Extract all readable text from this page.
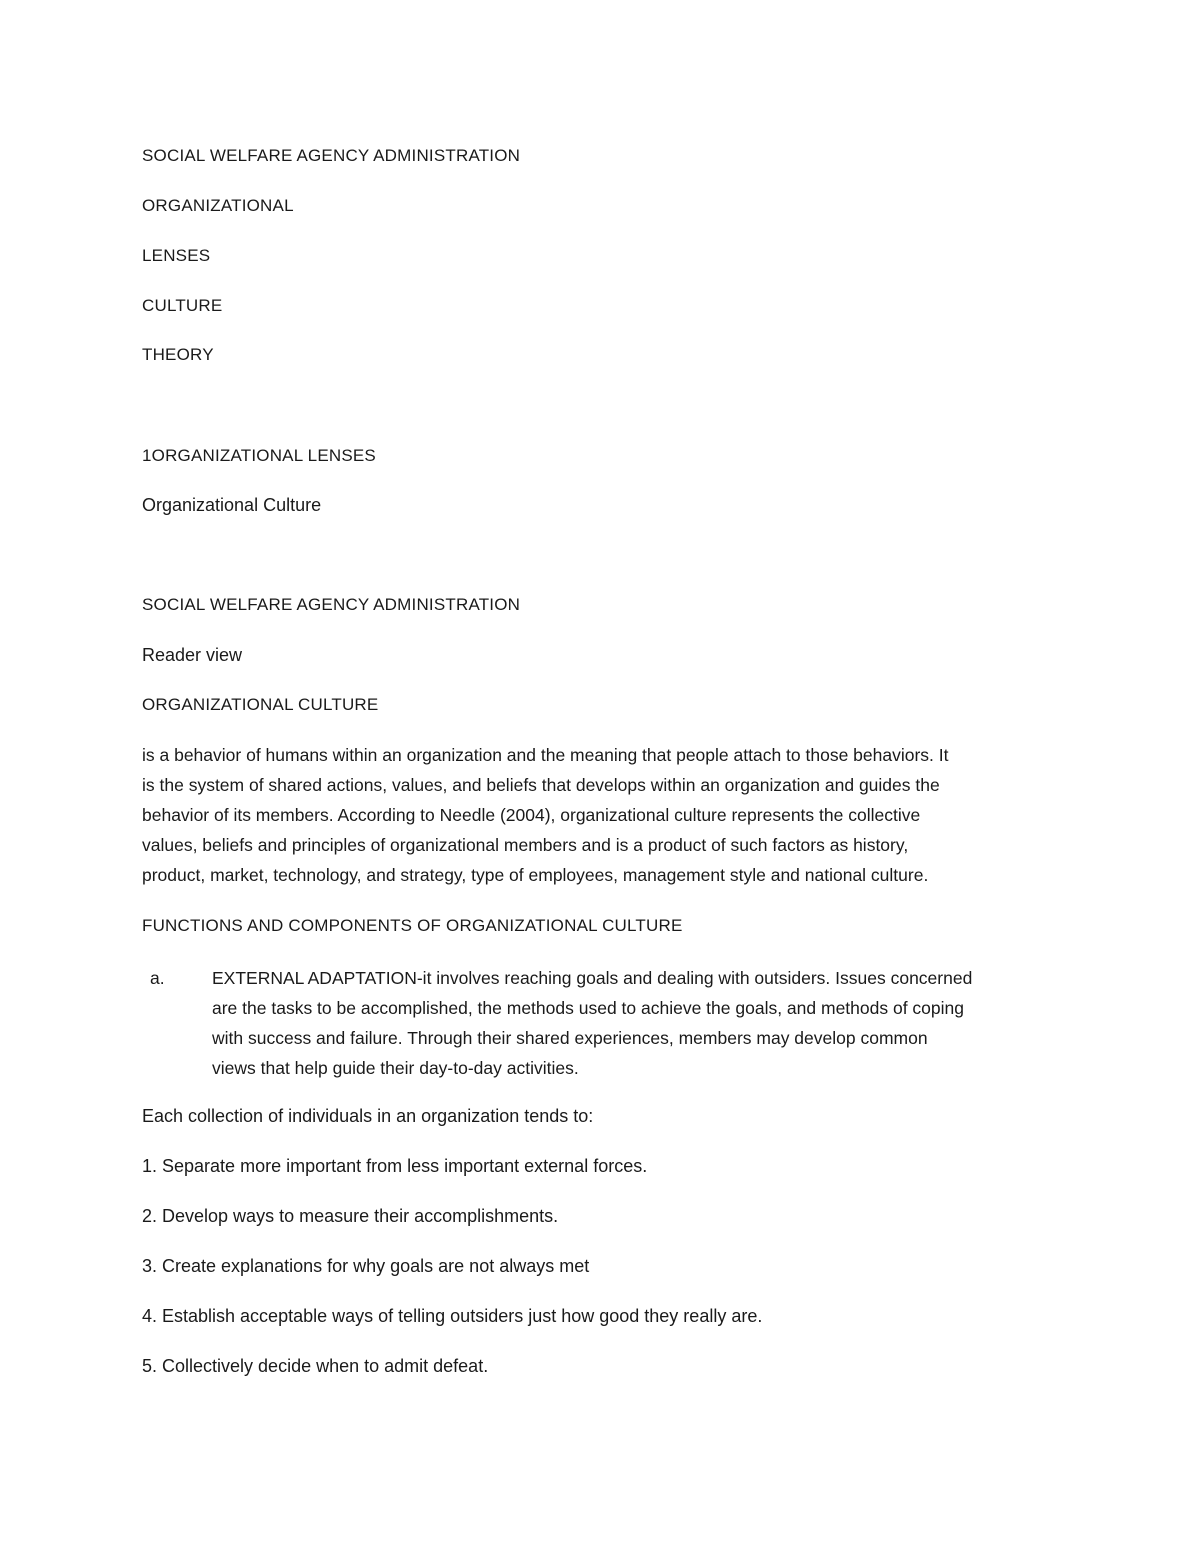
SOCIAL WELFARE AGENCY ADMINISTRATION

ORGANIZATIONAL

LENSES

CULTURE

THEORY

1ORGANIZATIONAL LENSES

Organizational Culture

SOCIAL WELFARE AGENCY ADMINISTRATION

Reader view

ORGANIZATIONAL CULTURE

is a behavior of humans within an organization and the meaning that people attach to those behaviors. It
is the system of shared actions, values, and beliefs that develops within an organization and guides the
behavior of its members. According to Needle (2004), organizational culture represents the collective
values, beliefs and principles of organizational members and is a product of such factors as history,
product, market, technology, and strategy, type of employees, management style and national culture.

FUNCTIONS AND COMPONENTS OF ORGANIZATIONAL CULTURE

a.	EXTERNAL ADAPTATION-it involves reaching goals and dealing with outsiders. Issues concerned
are the tasks to be accomplished, the methods used to achieve the goals, and methods of coping
with success and failure. Through their shared experiences, members may develop common
views that help guide their day-to-day activities.

Each collection of individuals in an organization tends to:

1. Separate more important from less important external forces.

2. Develop ways to measure their accomplishments.

3. Create explanations for why goals are not always met

4. Establish acceptable ways of telling outsiders just how good they really are.

5. Collectively decide when to admit defeat.
